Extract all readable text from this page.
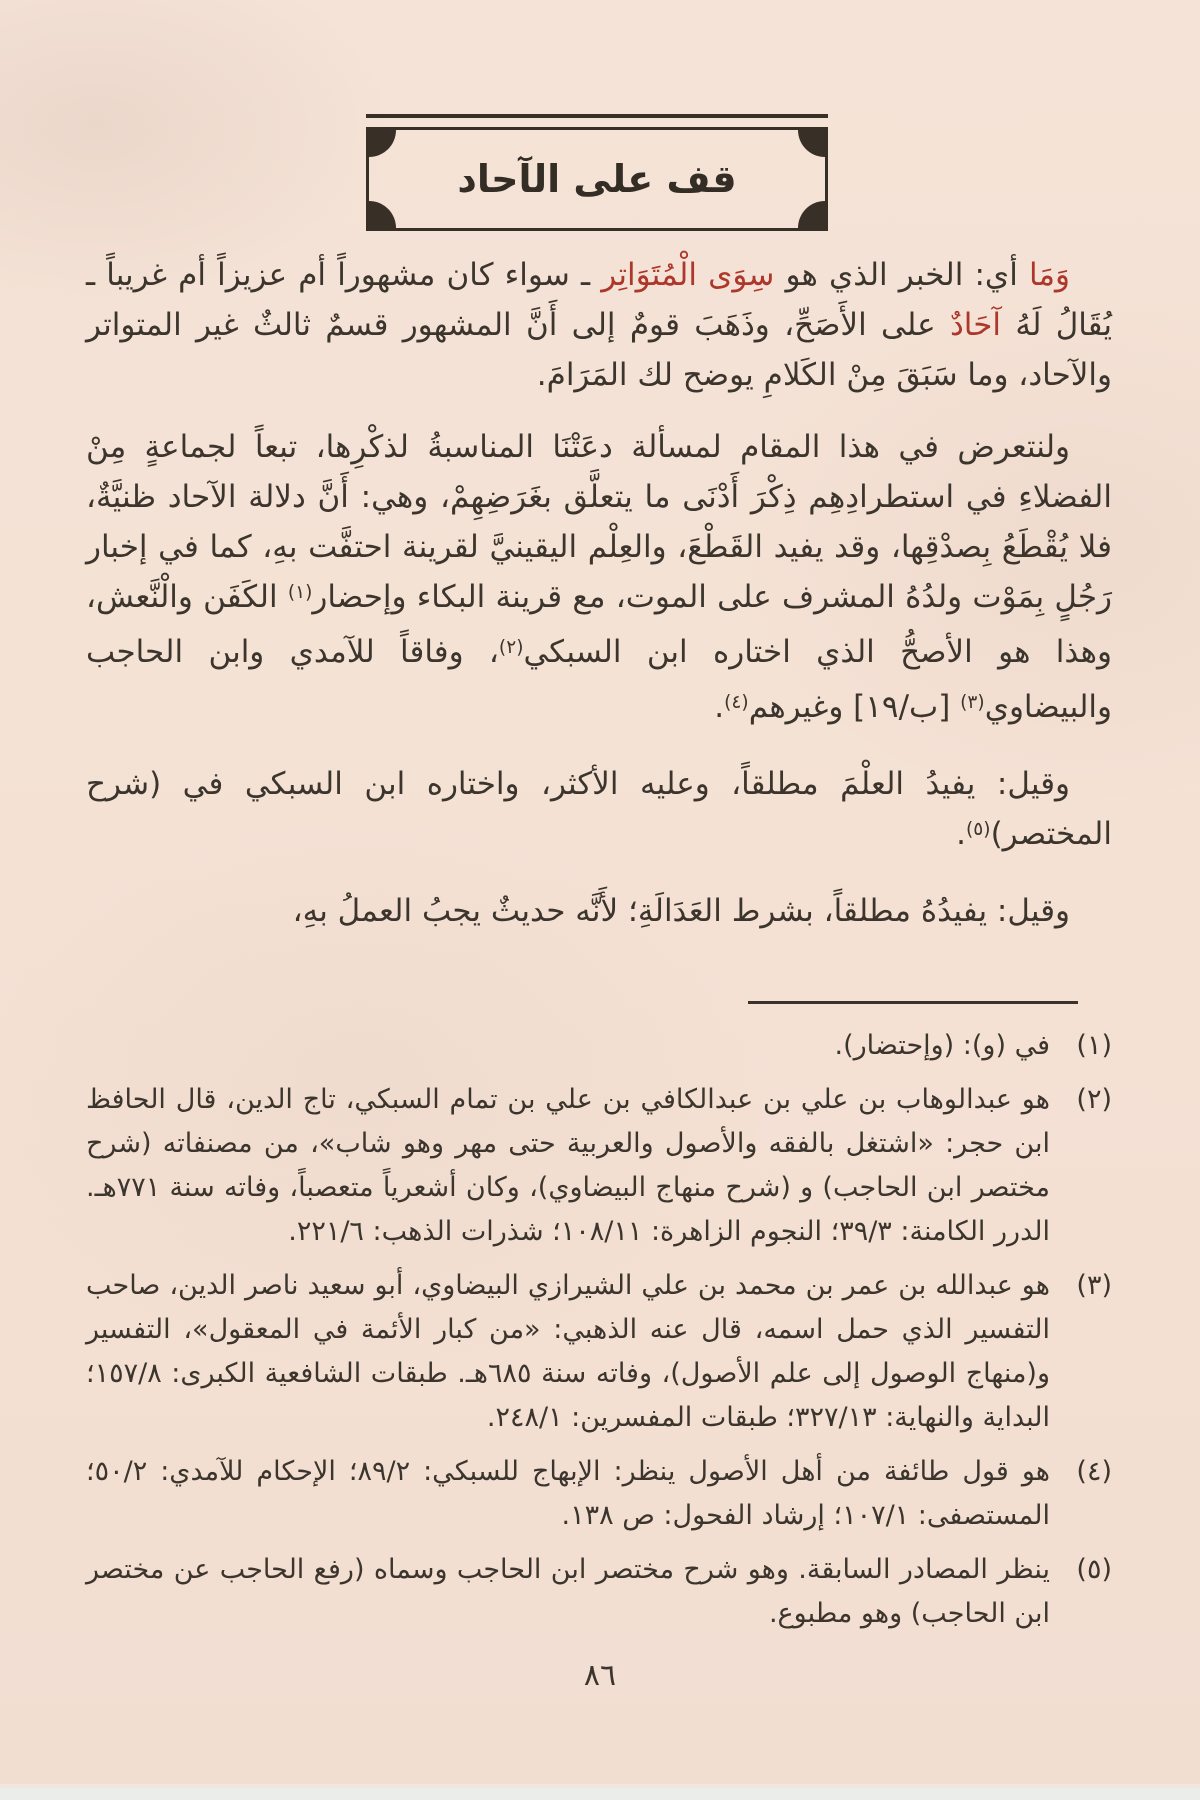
قف على الآحاد

وَمَا أي: الخبر الذي هو سِوَى الْمُتَوَاتِر ـ سواء كان مشهوراً أم عزيزاً أم غريباً ـ يُقَالُ لَهُ آحَادٌ على الأَصَحِّ، وذَهَبَ قومٌ إلى أَنَّ المشهور قسمٌ ثالثٌ غير المتواتر والآحاد، وما سَبَقَ مِنْ الكَلامِ يوضح لك المَرَامَ.

ولنتعرض في هذا المقام لمسألة دعَتْنَا المناسبةُ لذكْرِها، تبعاً لجماعةٍ مِنْ الفضلاءِ في استطرادِهِم ذِكْرَ أَدْنَى ما يتعلَّق بغَرَضِهِمْ، وهي: أَنَّ دلالة الآحاد ظنيَّةٌ، فلا يُقْطَعُ بِصدْقِها، وقد يفيد القَطْعَ، والعِلْم اليقينيَّ لقرينة احتفَّت بهِ، كما في إخبار رَجُلٍ بِمَوْت ولدُهُ المشرف على الموت، مع قرينة البكاء وإحضار$^{(١)}$ الكَفَن والْنَّعش، وهذا هو الأصحُّ الذي اختاره ابن السبكي$^{(٢)}$، وفاقاً للآمدي وابن الحاجب والبيضاوي$^{(٣)}$ [ب/١٩] وغيرهم$^{(٤)}$.

وقيل: يفيدُ العلْمَ مطلقاً، وعليه الأكثر، واختاره ابن السبكي في (شرح المختصر)$^{(٥)}$.

وقيل: يفيدُهُ مطلقاً، بشرط العَدَالَةِ؛ لأَنَّه حديثٌ يجبُ العملُ بهِ،

(١)
في (و): (وإحتضار).
(٢)
هو عبدالوهاب بن علي بن عبدالكافي بن علي بن تمام السبكي، تاج الدين، قال الحافظ ابن حجر: «اشتغل بالفقه والأصول والعربية حتى مهر وهو شاب»، من مصنفاته (شرح مختصر ابن الحاجب) و (شرح منهاج البيضاوي)، وكان أشعرياً متعصباً، وفاته سنة ٧٧١هـ. الدرر الكامنة: ٣٩/٣؛ النجوم الزاهرة: ١٠٨/١١؛ شذرات الذهب: ٢٢١/٦.
(٣)
هو عبدالله بن عمر بن محمد بن علي الشيرازي البيضاوي، أبو سعيد ناصر الدين، صاحب التفسير الذي حمل اسمه، قال عنه الذهبي: «من كبار الأئمة في المعقول»، التفسير و(منهاج الوصول إلى علم الأصول)، وفاته سنة ٦٨٥هـ. طبقات الشافعية الكبرى: ١٥٧/٨؛ البداية والنهاية: ٣٢٧/١٣؛ طبقات المفسرين: ٢٤٨/١.
(٤)
هو قول طائفة من أهل الأصول ينظر: الإبهاج للسبكي: ٨٩/٢؛ الإحكام للآمدي: ٥٠/٢؛ المستصفى: ١٠٧/١؛ إرشاد الفحول: ص ١٣٨.
(٥)
ينظر المصادر السابقة. وهو شرح مختصر ابن الحاجب وسماه (رفع الحاجب عن مختصر ابن الحاجب) وهو مطبوع.
٨٦
